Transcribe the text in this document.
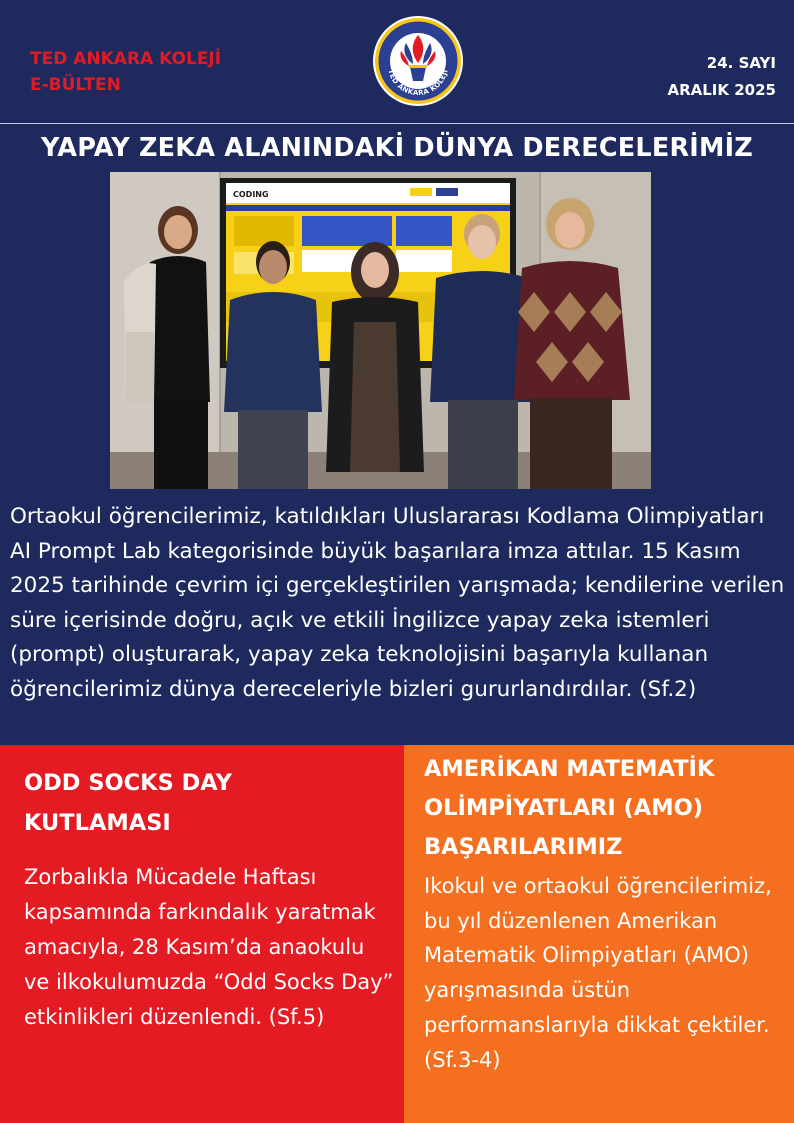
TED ANKARA KOLEJİ
E-BÜLTEN
TED ANKARA KOLEJİ	24. SAYI
ARALIK 2025
YAPAY ZEKA ALANINDAKİ DÜNYA DERECELERİMİZ
CODING

Ortaokul öğrencilerimiz, katıldıkları Uluslararası Kodlama Olimpiyatları AI Prompt Lab kategorisinde büyük başarılara imza attılar. 15 Kasım 2025 tarihinde çevrim içi gerçekleştirilen yarışmada; kendilerine verilen süre içerisinde doğru, açık ve etkili İngilizce yapay zeka istemleri (prompt) oluşturarak, yapay zeka teknolojisini başarıyla kullanan öğrencilerimiz dünya dereceleriyle bizleri gururlandırdılar. (Sf.2)

ODD SOCKS DAY KUTLAMASI

Zorbalıkla Mücadele Haftası kapsamında farkındalık yaratmak amacıyla, 28 Kasım’da anaokulu ve ilkokulumuzda “Odd Socks Day” etkinlikleri düzenlendi. (Sf.5)

AMERİKAN MATEMATİK OLİMPİYATLARI (AMO) BAŞARILARIMIZ

Ikokul ve ortaokul öğrencilerimiz, bu yıl düzenlenen Amerikan Matematik Olimpiyatları (AMO) yarışmasında üstün performanslarıyla dikkat çektiler. (Sf.3-4)
